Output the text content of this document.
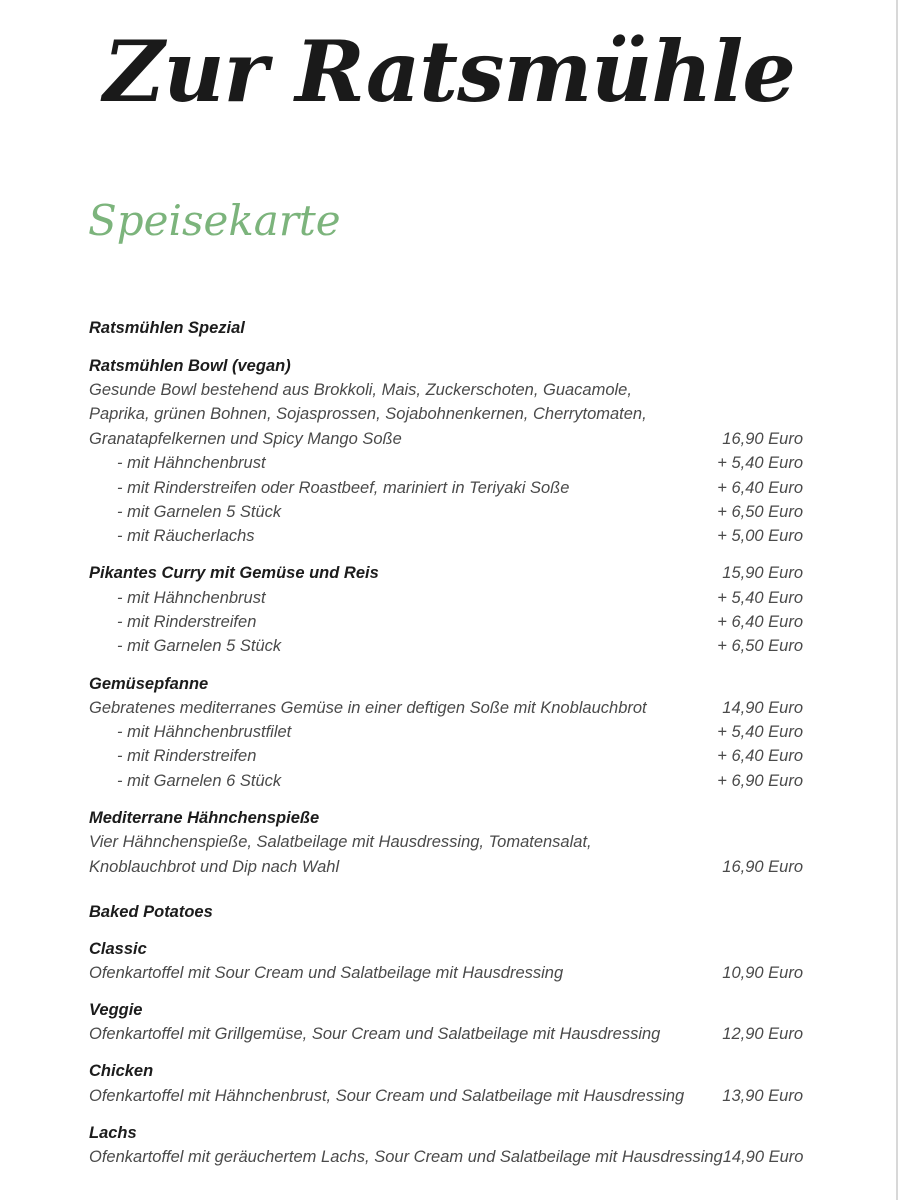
Zur Ratsmühle
Speisekarte
Ratsmühlen Spezial
Ratsmühlen Bowl (vegan)
Gesunde Bowl bestehend aus Brokkoli, Mais, Zuckerschoten, Guacamole,
Paprika, grünen Bohnen, Sojasprossen, Sojabohnenkernen, Cherrytomaten,
Granatapfelkernen und Spicy Mango Soße	16,90 Euro
- mit Hähnchenbrust	+ 5,40 Euro
- mit Rinderstreifen oder Roastbeef, mariniert in Teriyaki Soße	+ 6,40 Euro
- mit Garnelen 5 Stück	+ 6,50 Euro
- mit Räucherlachs	+ 5,00 Euro
Pikantes Curry mit Gemüse und Reis	15,90 Euro
- mit Hähnchenbrust	+ 5,40 Euro
- mit Rinderstreifen	+ 6,40 Euro
- mit Garnelen 5 Stück	+ 6,50 Euro
Gemüsepfanne
Gebratenes mediterranes Gemüse in einer deftigen Soße mit Knoblauchbrot	14,90 Euro
- mit Hähnchenbrustfilet	+ 5,40 Euro
- mit Rinderstreifen	+ 6,40 Euro
- mit Garnelen 6 Stück	+ 6,90 Euro
Mediterrane Hähnchenspieße
Vier Hähnchenspieße, Salatbeilage mit Hausdressing, Tomatensalat,
Knoblauchbrot und Dip nach Wahl	16,90 Euro
Baked Potatoes
Classic
Ofenkartoffel mit Sour Cream und Salatbeilage mit Hausdressing	10,90 Euro
Veggie
Ofenkartoffel mit Grillgemüse, Sour Cream und Salatbeilage mit Hausdressing	12,90 Euro
Chicken
Ofenkartoffel mit Hähnchenbrust, Sour Cream und Salatbeilage mit Hausdressing 13,90 Euro
Lachs
Ofenkartoffel mit geräuchertem Lachs, Sour Cream und Salatbeilage mit Hausdressing 14,90 Euro
